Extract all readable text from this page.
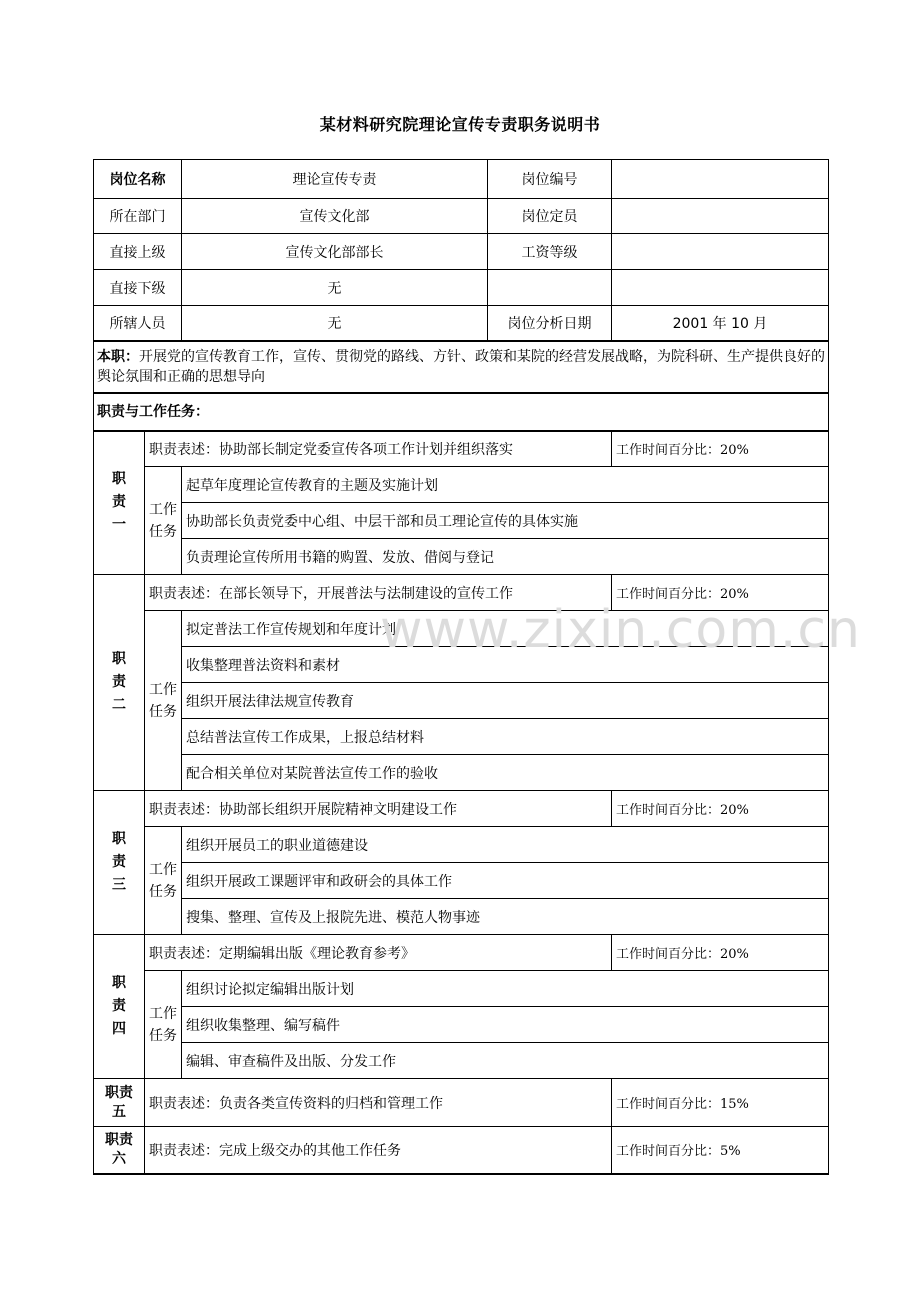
某材料研究院理论宣传专责职务说明书
岗位名称		理论宣传专责	岗位编号	
所在部门		宣传文化部	岗位定员	
直接上级		宣传文化部部长	工资等级	
直接下级		无		
所辖人员		无	岗位分析日期	2001 年 10 月
本职：开展党的宣传教育工作，宣传、贯彻党的路线、方针、政策和某院的经营发展战略，为院科研、生产提供良好的舆论氛围和正确的思想导向				
职责与工作任务：				
职责一	职责表述：协助部长制定党委宣传各项工作计划并组织落实			工作时间百分比：20%
	工作任务	起草年度理论宣传教育的主题及实施计划		
		协助部长负责党委中心组、中层干部和员工理论宣传的具体实施		
		负责理论宣传所用书籍的购置、发放、借阅与登记		
职责二	职责表述：在部长领导下，开展普法与法制建设的宣传工作			工作时间百分比：20%
	工作任务	拟定普法工作宣传规划和年度计划		
		收集整理普法资料和素材		
		组织开展法律法规宣传教育		
		总结普法宣传工作成果，上报总结材料		
		配合相关单位对某院普法宣传工作的验收		
职责三	职责表述：协助部长组织开展院精神文明建设工作			工作时间百分比：20%
	工作任务	组织开展员工的职业道德建设		
		组织开展政工课题评审和政研会的具体工作		
		搜集、整理、宣传及上报院先进、模范人物事迹		
职责四	职责表述：定期编辑出版《理论教育参考》			工作时间百分比：20%
	工作任务	组织讨论拟定编辑出版计划		
		组织收集整理、编写稿件		
		编辑、审查稿件及出版、分发工作		
职责五	职责表述：负责各类宣传资料的归档和管理工作			工作时间百分比：15%
职责六	职责表述：完成上级交办的其他工作任务			工作时间百分比：5%
www.zixin.com.cn
